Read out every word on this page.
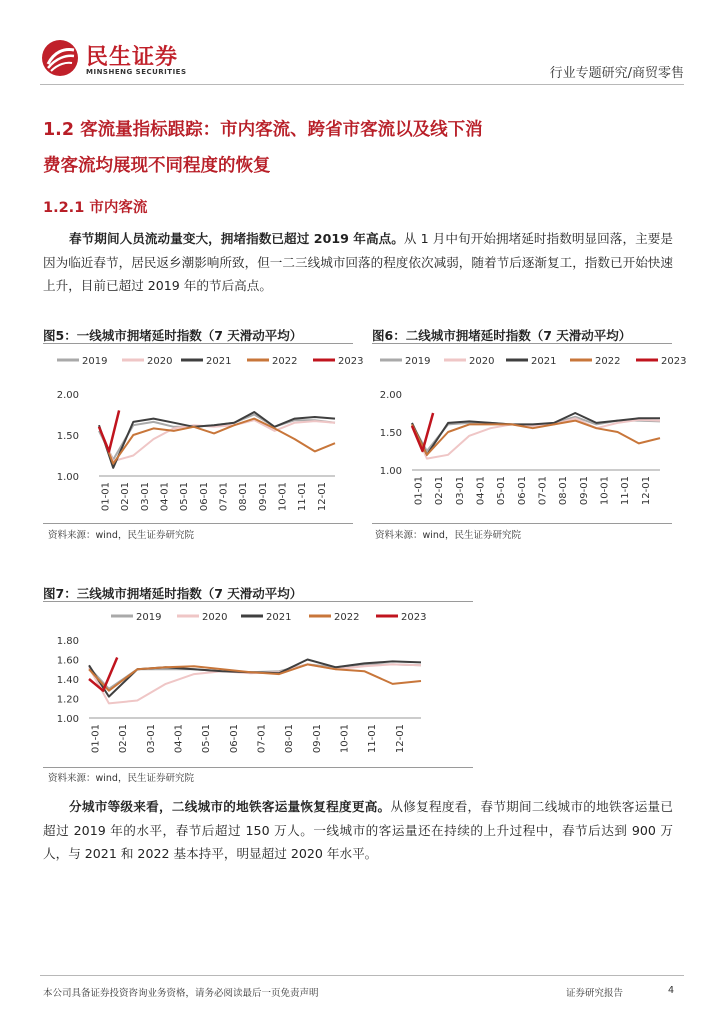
民生证券
MINSHENG SECURITIES	行业专题研究/商贸零售
1.2 客流量指标跟踪：市内客流、跨省市客流以及线下消
费客流均展现不同程度的恢复
1.2.1 市内客流
春节期间人员流动量变大，拥堵指数已超过 2019 年高点。从 1 月中旬开始拥堵延时指数明显回落，主要是因为临近春节，居民返乡潮影响所致，但一二三线城市回落的程度依次减弱，随着节后逐渐复工，指数已开始快速上升，目前已超过 2019 年的节后高点。
图5：一线城市拥堵延时指数（7 天滑动平均）
2019	2020	2021	2022	2023
1.00
1.50
2.00
01-01 02-01 03-01 04-01 05-01 06-01 07-01 08-01 09-01 10-01 11-01 12-01
资料来源：wind，民生证券研究院
图6：二线城市拥堵延时指数（7 天滑动平均）
2019	2020	2021	2022	2023
1.00
1.50
2.00
01-01 02-01 03-01 04-01 05-01 06-01 07-01 08-01 09-01 10-01 11-01 12-01
资料来源：wind，民生证券研究院
图7：三线城市拥堵延时指数（7 天滑动平均）
2019	2020	2021	2022	2023
1.00
1.20
1.40
1.60
1.80
01-01 02-01 03-01 04-01 05-01 06-01 07-01 08-01 09-01 10-01 11-01 12-01
资料来源：wind，民生证券研究院
分城市等级来看，二线城市的地铁客运量恢复程度更高。从修复程度看，春节期间二线城市的地铁客运量已超过 2019 年的水平，春节后超过 150 万人。一线城市的客运量还在持续的上升过程中，春节后达到 900 万人，与 2021 和 2022 基本持平，明显超过 2020 年水平。
本公司具备证券投资咨询业务资格，请务必阅读最后一页免责声明	证券研究报告	4
